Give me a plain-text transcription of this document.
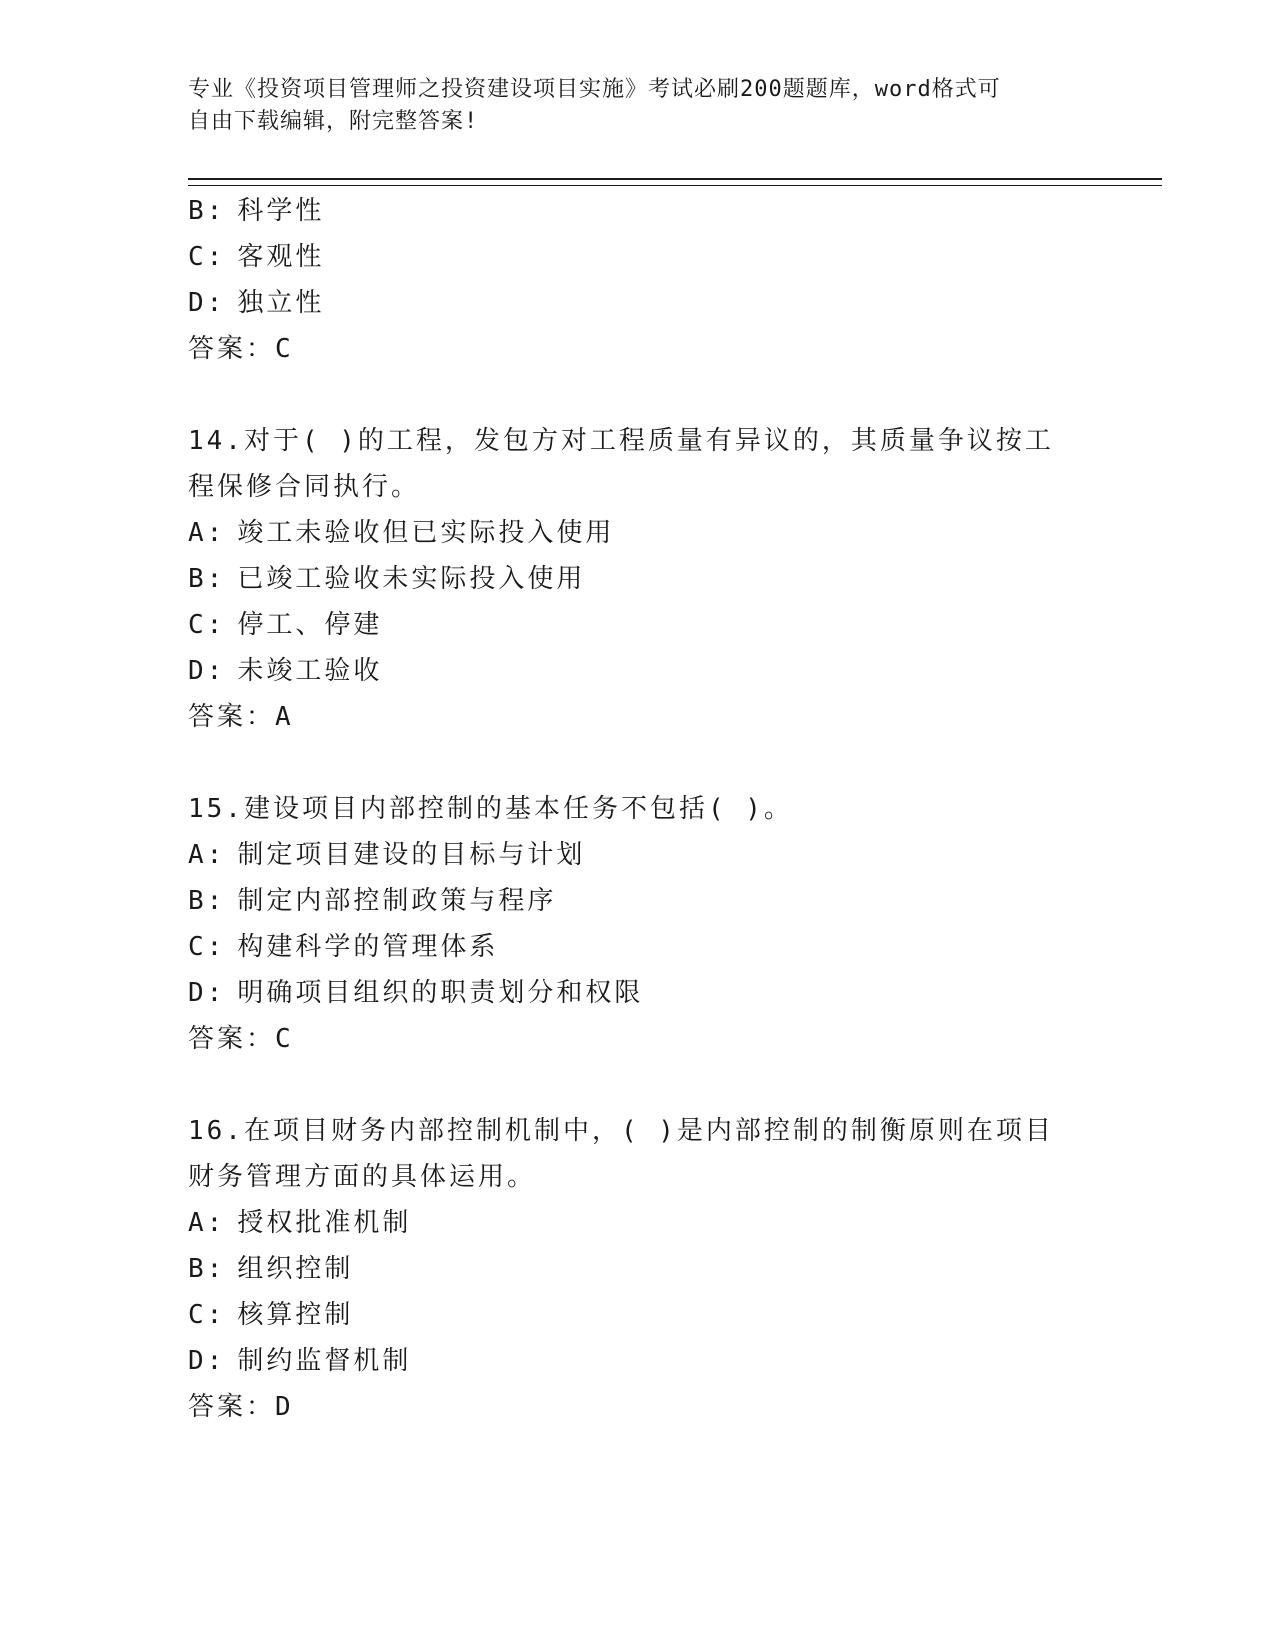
专业《投资项目管理师之投资建设项目实施》考试必刷200题题库，word格式可
自由下载编辑，附完整答案!
B: 科学性
C: 客观性
D: 独立性
答案：C
14.对于( )的工程，发包方对工程质量有异议的，其质量争议按工
程保修合同执行。
A: 竣工未验收但已实际投入使用
B: 已竣工验收未实际投入使用
C: 停工、停建
D: 未竣工验收
答案：A
15.建设项目内部控制的基本任务不包括( )。
A: 制定项目建设的目标与计划
B: 制定内部控制政策与程序
C: 构建科学的管理体系
D: 明确项目组织的职责划分和权限
答案：C
16.在项目财务内部控制机制中，( )是内部控制的制衡原则在项目
财务管理方面的具体运用。
A: 授权批准机制
B: 组织控制
C: 核算控制
D: 制约监督机制
答案：D
